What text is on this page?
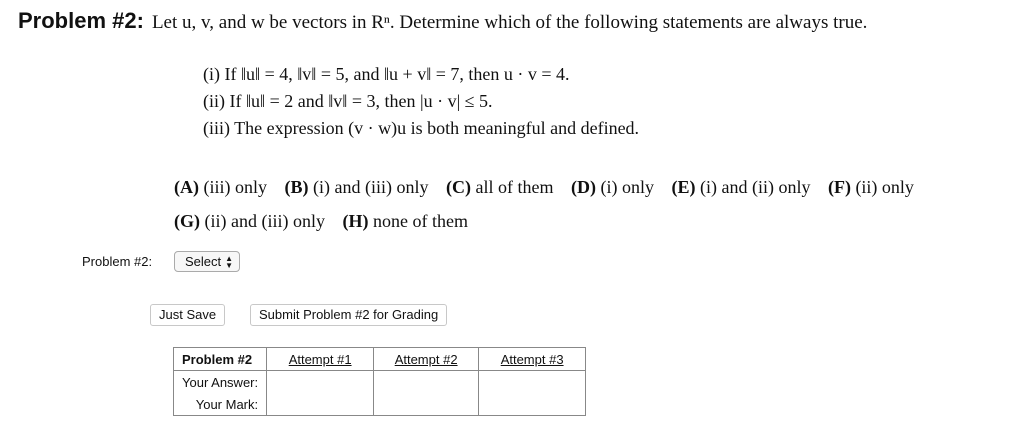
Problem #2: Let u, v, and w be vectors in Rⁿ. Determine which of the following statements are always true.
(i) If ‖u‖ = 4, ‖v‖ = 5, and ‖u + v‖ = 7, then u · v = 4.
(ii) If ‖u‖ = 2 and ‖v‖ = 3, then |u · v| ≤ 5.
(iii) The expression (v · w)u is both meaningful and defined.
(A) (iii) only (B) (i) and (iii) only (C) all of them (D) (i) only (E) (i) and (ii) only (F) (ii) only
(G) (ii) and (iii) only (H) none of them
Problem #2:	Select ▲
▼
Just Save	Submit Problem #2 for Grading
Problem #2	Attempt #1	Attempt #2	Attempt #3
Your Answer:			
Your Mark:			
